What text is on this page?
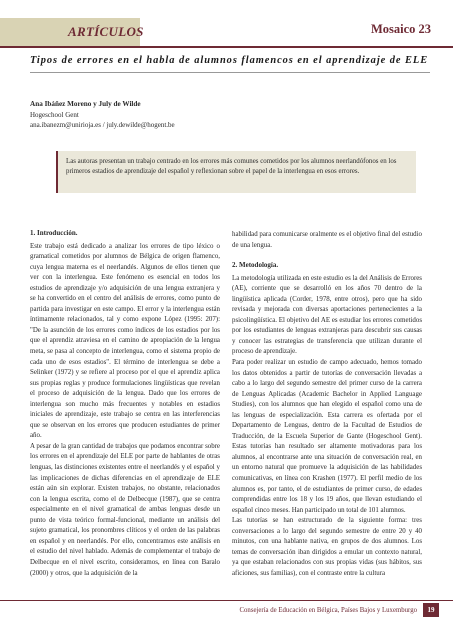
ARTÍCULOS	Mosaico 23
Tipos de errores en el habla de alumnos flamencos en el aprendizaje de ELE
Ana Ibáñez Moreno y July de Wilde
Hogeschool Gent
ana.ibanezm@unirioja.es / july.dewilde@hogent.be

Las autoras presentan un trabajo centrado en los errores más comunes cometidos por los alumnos neerlandófonos en los primeros estadios de aprendizaje del español y reflexionan sobre el papel de la interlengua en esos errores.

1. Introducción.

Este trabajo está dedicado a analizar los errores de tipo léxico o gramatical cometidos por alumnos de Bélgica de origen flamenco, cuya lengua materna es el neerlandés. Algunos de ellos tienen que ver con la interlengua. Este fenómeno es esencial en todos los estudios de aprendizaje y/o adquisición de una lengua extranjera y se ha convertido en el centro del análisis de errores, como punto de partida para investigar en este campo. El error y la interlengua están íntimamente relacionados, tal y como expone López (1995: 207): "De la asunción de los errores como índices de los estadios por los que el aprendiz atraviesa en el camino de apropiación de la lengua meta, se pasa al concepto de interlengua, como el sistema propio de cada uno de esos estadios". El término de interlengua se debe a Selinker (1972) y se refiere al proceso por el que el aprendiz aplica sus propias reglas y produce formulaciones lingüísticas que revelan el proceso de adquisición de la lengua. Dado que los errores de interlengua son mucho más frecuentes y notables en estadios iniciales de aprendizaje, este trabajo se centra en las interferencias que se observan en los errores que producen estudiantes de primer año.

A pesar de la gran cantidad de trabajos que podamos encontrar sobre los errores en el aprendizaje del ELE por parte de hablantes de otras lenguas, las distinciones existentes entre el neerlandés y el español y las implicaciones de dichas diferencias en el aprendizaje de ELE están aún sin explorar. Existen trabajos, no obstante, relacionados con la lengua escrita, como el de Delbecque (1987), que se centra especialmente en el nivel gramatical de ambas lenguas desde un punto de vista teórico formal-funcional, mediante un análisis del sujeto gramatical, los pronombres clíticos y el orden de las palabras en español y en neerlandés. Por ello, concentramos este análisis en el estudio del nivel hablado. Además de complementar el trabajo de Delbecque en el nivel escrito, consideramos, en línea con Baralo (2000) y otros, que la adquisición de la

habilidad para comunicarse oralmente es el objetivo final del estudio de una lengua.

2. Metodología.

La metodología utilizada en este estudio es la del Análisis de Errores (AE), corriente que se desarrolló en los años 70 dentro de la lingüística aplicada (Corder, 1978, entre otros), pero que ha sido revisada y mejorada con diversas aportaciones pertenecientes a la psicolingüística. El objetivo del AE es estudiar los errores cometidos por los estudiantes de lenguas extranjeras para descubrir sus causas y conocer las estrategias de transferencia que utilizan durante el proceso de aprendizaje.

Para poder realizar un estudio de campo adecuado, hemos tomado los datos obtenidos a partir de tutorías de conversación llevadas a cabo a lo largo del segundo semestre del primer curso de la carrera de Lenguas Aplicadas (Academic Bachelor in Applied Language Studies), con los alumnos que han elegido el español como una de las lenguas de especialización. Esta carrera es ofertada por el Departamento de Lenguas, dentro de la Facultad de Estudios de Traducción, de la Escuela Superior de Gante (Hogeschool Gent). Estas tutorías han resultado ser altamente motivadoras para los alumnos, al encontrarse ante una situación de conversación real, en un entorno natural que promueve la adquisición de las habilidades comunicativas, en línea con Krashen (1977). El perfil medio de los alumnos es, por tanto, el de estudiantes de primer curso, de edades comprendidas entre los 18 y los 19 años, que llevan estudiando el español cinco meses. Han participado un total de 101 alumnos.

Las tutorías se han estructurado de la siguiente forma: tres conversaciones a lo largo del segundo semestre de entre 20 y 40 minutos, con una hablante nativa, en grupos de dos alumnos. Los temas de conversación iban dirigidos a emular un contexto natural, ya que estaban relacionados con sus propias vidas (sus hábitos, sus aficiones, sus familias), con el contraste entre la cultura

Consejería de Educación en Bélgica, Países Bajos y Luxemburgo	19
